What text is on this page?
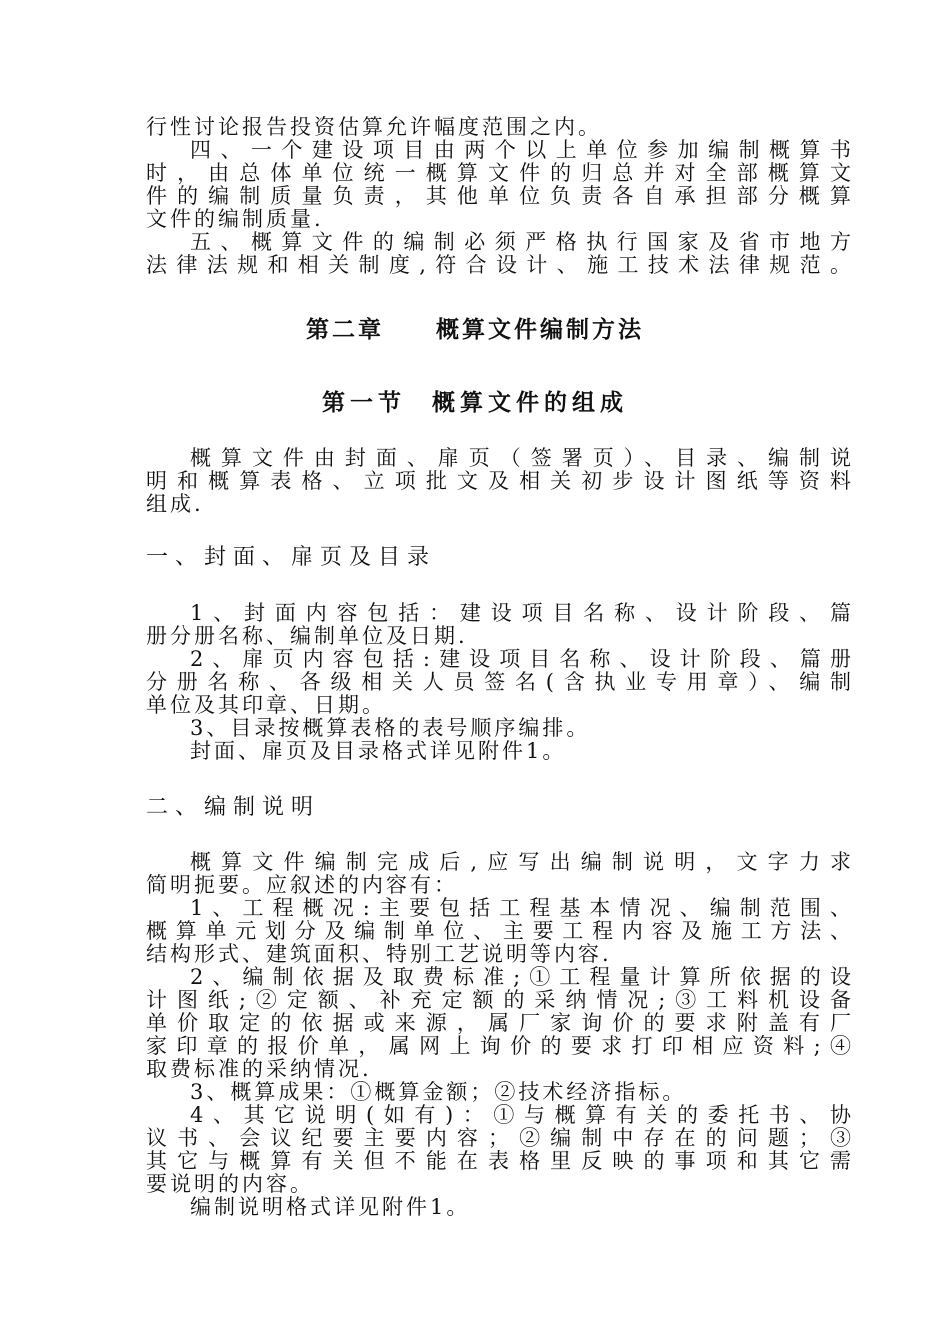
行性讨论报告投资估算允许幅度范围之内。
四、一个建设项目由两个以上单位参加编制概算书
时，由总体单位统一概算文件的归总并对全部概算文
件的编制质量负责，其他单位负责各自承担部分概算
文件的编制质量.
五、概算文件的编制必须严格执行国家及省市地方
法律法规和相关制度,符合设计、施工技术法律规范。
第二章 概算文件编制方法
第一节 概算文件的组成
概算文件由封面、扉页（签署页）、目录、编制说
明和概算表格、立项批文及相关初步设计图纸等资料
组成.
一、封面、扉页及目录
1、封面内容包括：建设项目名称、设计阶段、篇
册分册名称、编制单位及日期.
2、扉页内容包括:建设项目名称、设计阶段、篇册
分册名称、各级相关人员签名(含执业专用章）、编制
单位及其印章、日期。
3、目录按概算表格的表号顺序编排。
封面、扉页及目录格式详见附件1。
二、编制说明
概算文件编制完成后,应写出编制说明，文字力求
简明扼要。应叙述的内容有：
1、工程概况:主要包括工程基本情况、编制范围、
概算单元划分及编制单位、主要工程内容及施工方法、
结构形式、建筑面积、特别工艺说明等内容.
2、编制依据及取费标准;①工程量计算所依据的设
计图纸;②定额、补充定额的采纳情况;③工料机设备
单价取定的依据或来源，属厂家询价的要求附盖有厂
家印章的报价单，属网上询价的要求打印相应资料;④
取费标准的采纳情况.
3、概算成果：①概算金额；②技术经济指标。
4、其它说明(如有)：①与概算有关的委托书、协
议书、会议纪要主要内容；②编制中存在的问题；③
其它与概算有关但不能在表格里反映的事项和其它需
要说明的内容。
编制说明格式详见附件1。
